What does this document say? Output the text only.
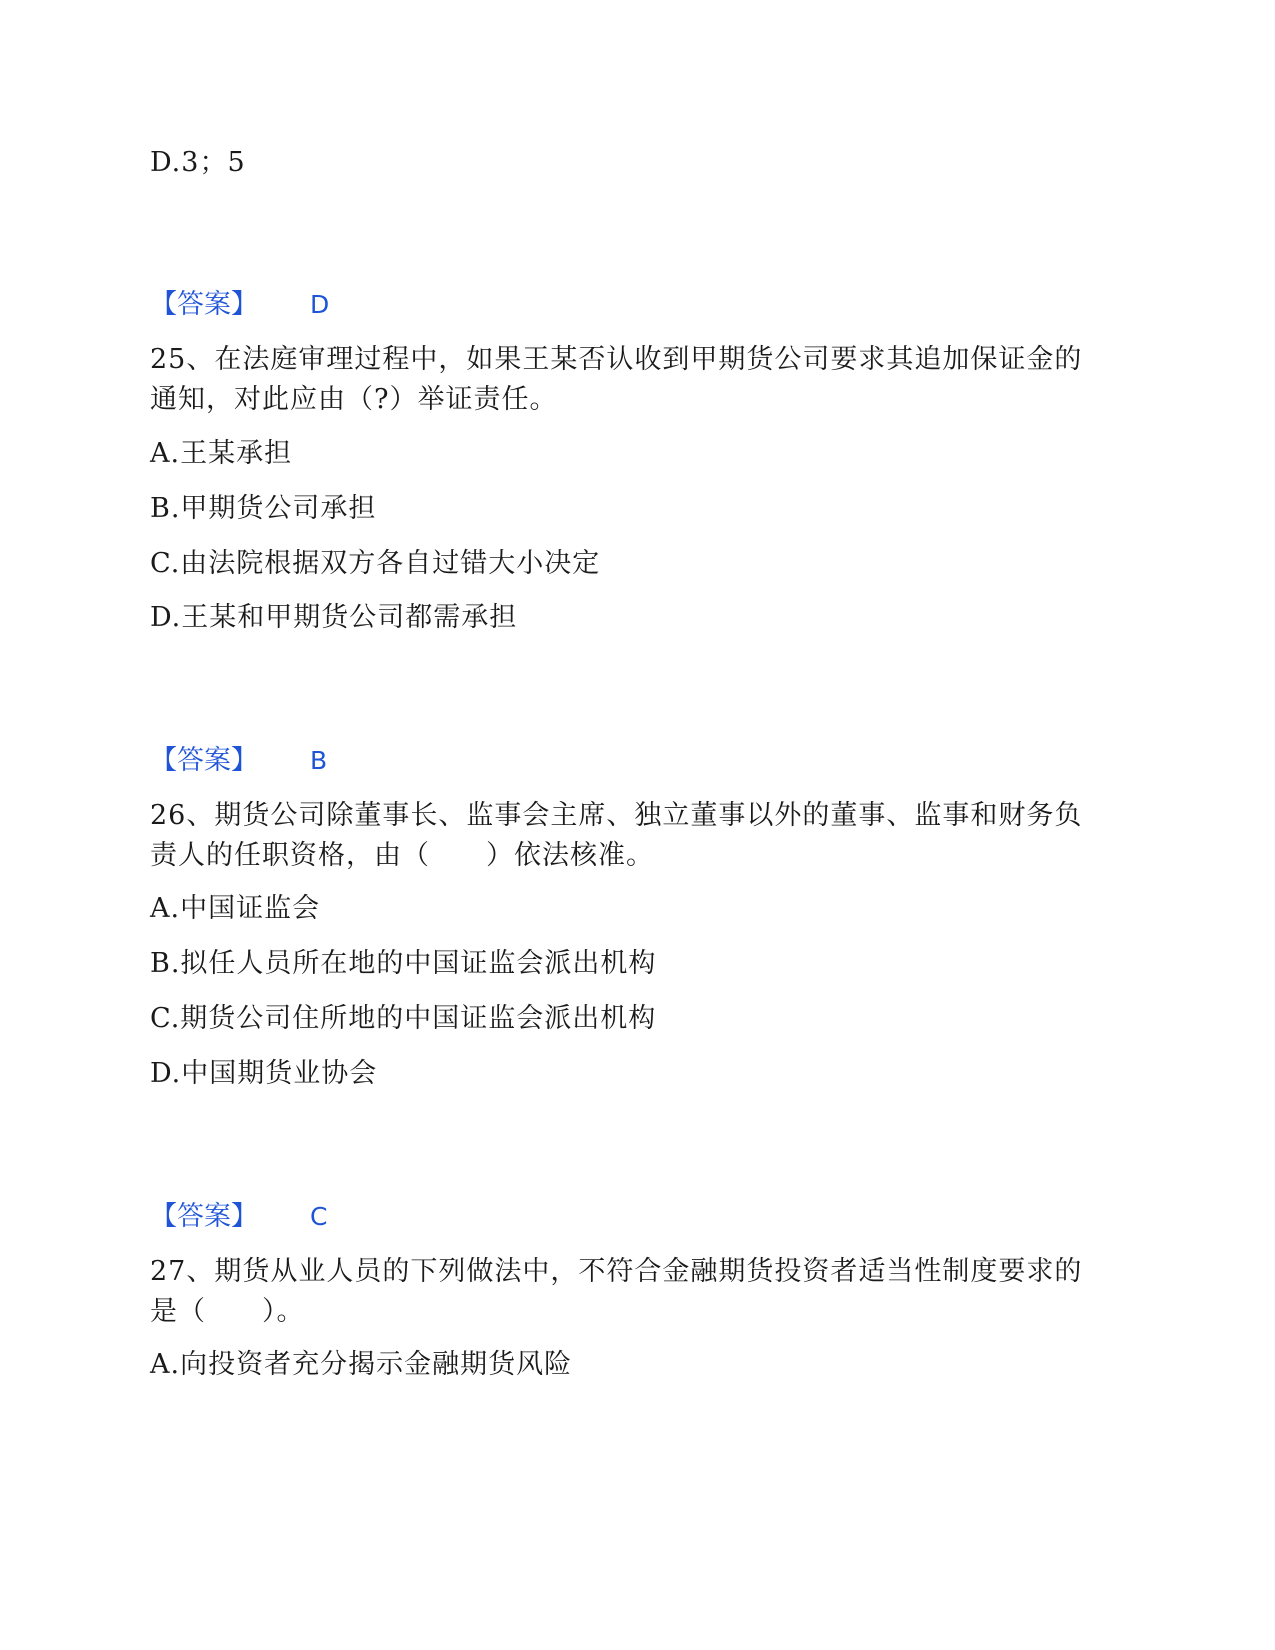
D.3；5
【答案】 D
25、在法庭审理过程中，如果王某否认收到甲期货公司要求其追加保证金的
通知，对此应由（?）举证责任。
A.王某承担
B.甲期货公司承担
C.由法院根据双方各自过错大小决定
D.王某和甲期货公司都需承担
【答案】 B
26、期货公司除董事长、监事会主席、独立董事以外的董事、监事和财务负
责人的任职资格，由（　　）依法核准。
A.中国证监会
B.拟任人员所在地的中国证监会派出机构
C.期货公司住所地的中国证监会派出机构
D.中国期货业协会
【答案】 C
27、期货从业人员的下列做法中，不符合金融期货投资者适当性制度要求的
是（　　）。
A.向投资者充分揭示金融期货风险
